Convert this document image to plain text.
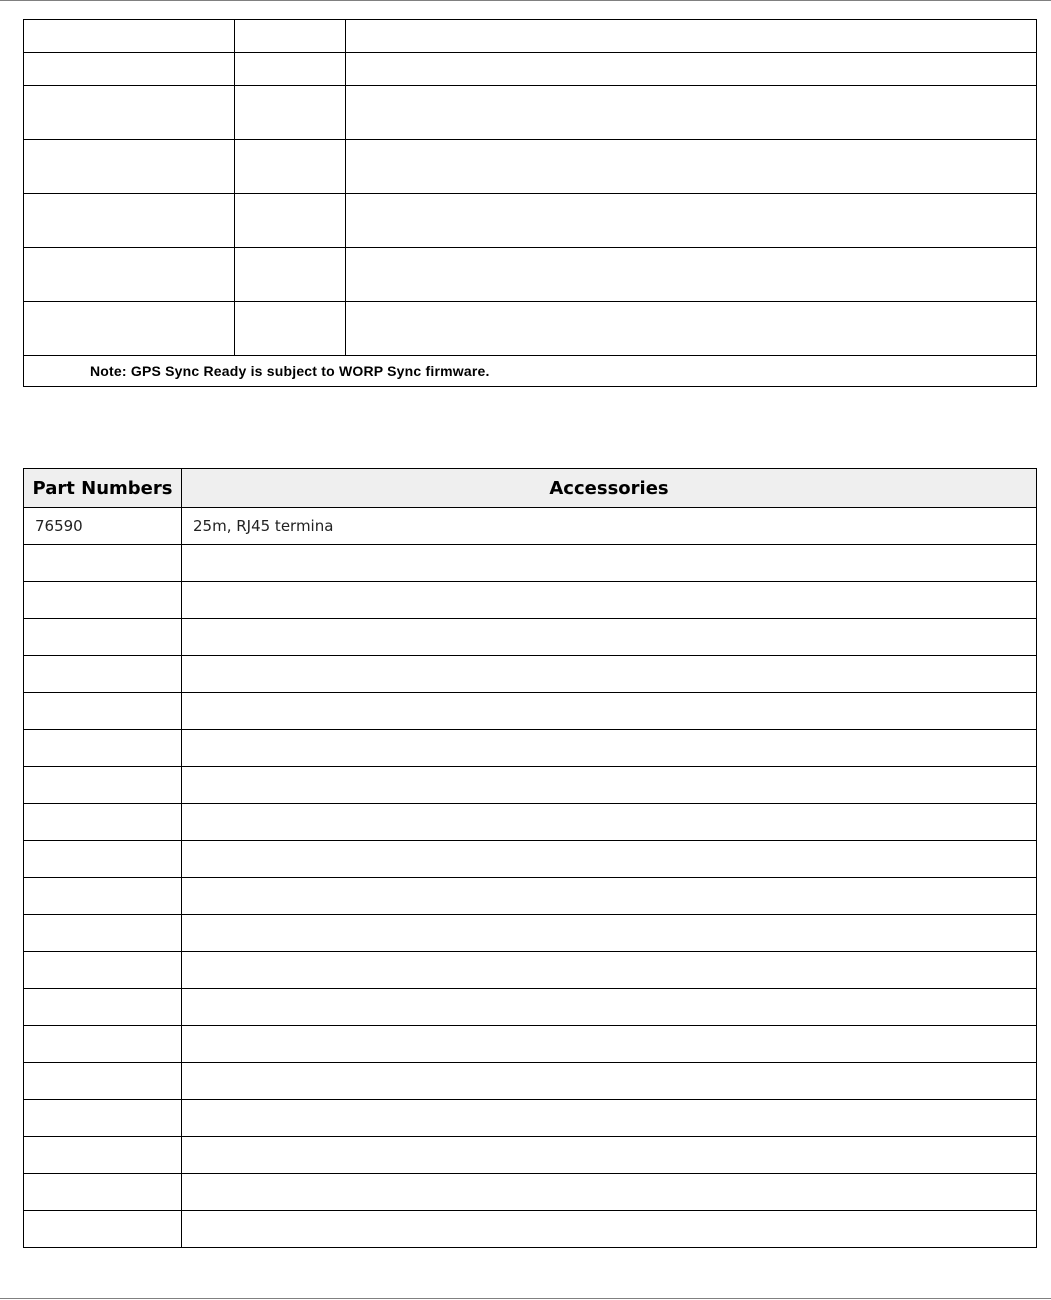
Note: GPS Sync Ready is subject to WORP Sync firmware.		
Part Numbers	Accessories
76590	25m, RJ45 termina
